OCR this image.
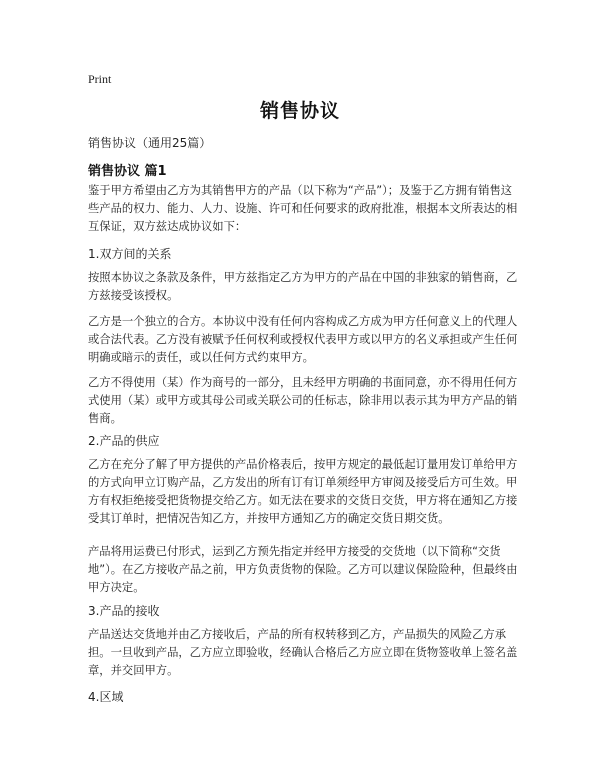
Print
销售协议
销售协议（通用25篇）
销售协议 篇1

鉴于甲方希望由乙方为其销售甲方的产品（以下称为“产品”）；及鉴于乙方拥有销售这些产品的权力、能力、人力、设施、许可和任何要求的政府批准，根据本文所表达的相互保证，双方兹达成协议如下：

1.双方间的关系

按照本协议之条款及条件，甲方兹指定乙方为甲方的产品在中国的非独家的销售商，乙方兹接受该授权。

乙方是一个独立的合方。本协议中没有任何内容构成乙方成为甲方任何意义上的代理人或合法代表。乙方没有被赋予任何权利或授权代表甲方或以甲方的名义承担或产生任何明确或暗示的责任，或以任何方式约束甲方。

乙方不得使用（某）作为商号的一部分，且未经甲方明确的书面同意，亦不得用任何方式使用（某）或甲方或其母公司或关联公司的任标志，除非用以表示其为甲方产品的销售商。

2.产品的供应

乙方在充分了解了甲方提供的产品价格表后，按甲方规定的最低起订量用发订单给甲方的方式向甲立订购产品，乙方发出的所有订有订单须经甲方审阅及接受后方可生效。甲方有权拒绝接受把货物提交给乙方。如无法在要求的交货日交货，甲方将在通知乙方接受其订单时，把情况告知乙方，并按甲方通知乙方的确定交货日期交货。

产品将用运费已付形式，运到乙方预先指定并经甲方接受的交货地（以下简称“交货地”）。在乙方接收产品之前，甲方负责货物的保险。乙方可以建议保险险种，但最终由甲方决定。

3.产品的接收

产品送达交货地并由乙方接收后，产品的所有权转移到乙方，产品损失的风险乙方承担。一旦收到产品，乙方应立即验收，经确认合格后乙方应立即在货物签收单上签名盖章，并交回甲方。

4.区域
